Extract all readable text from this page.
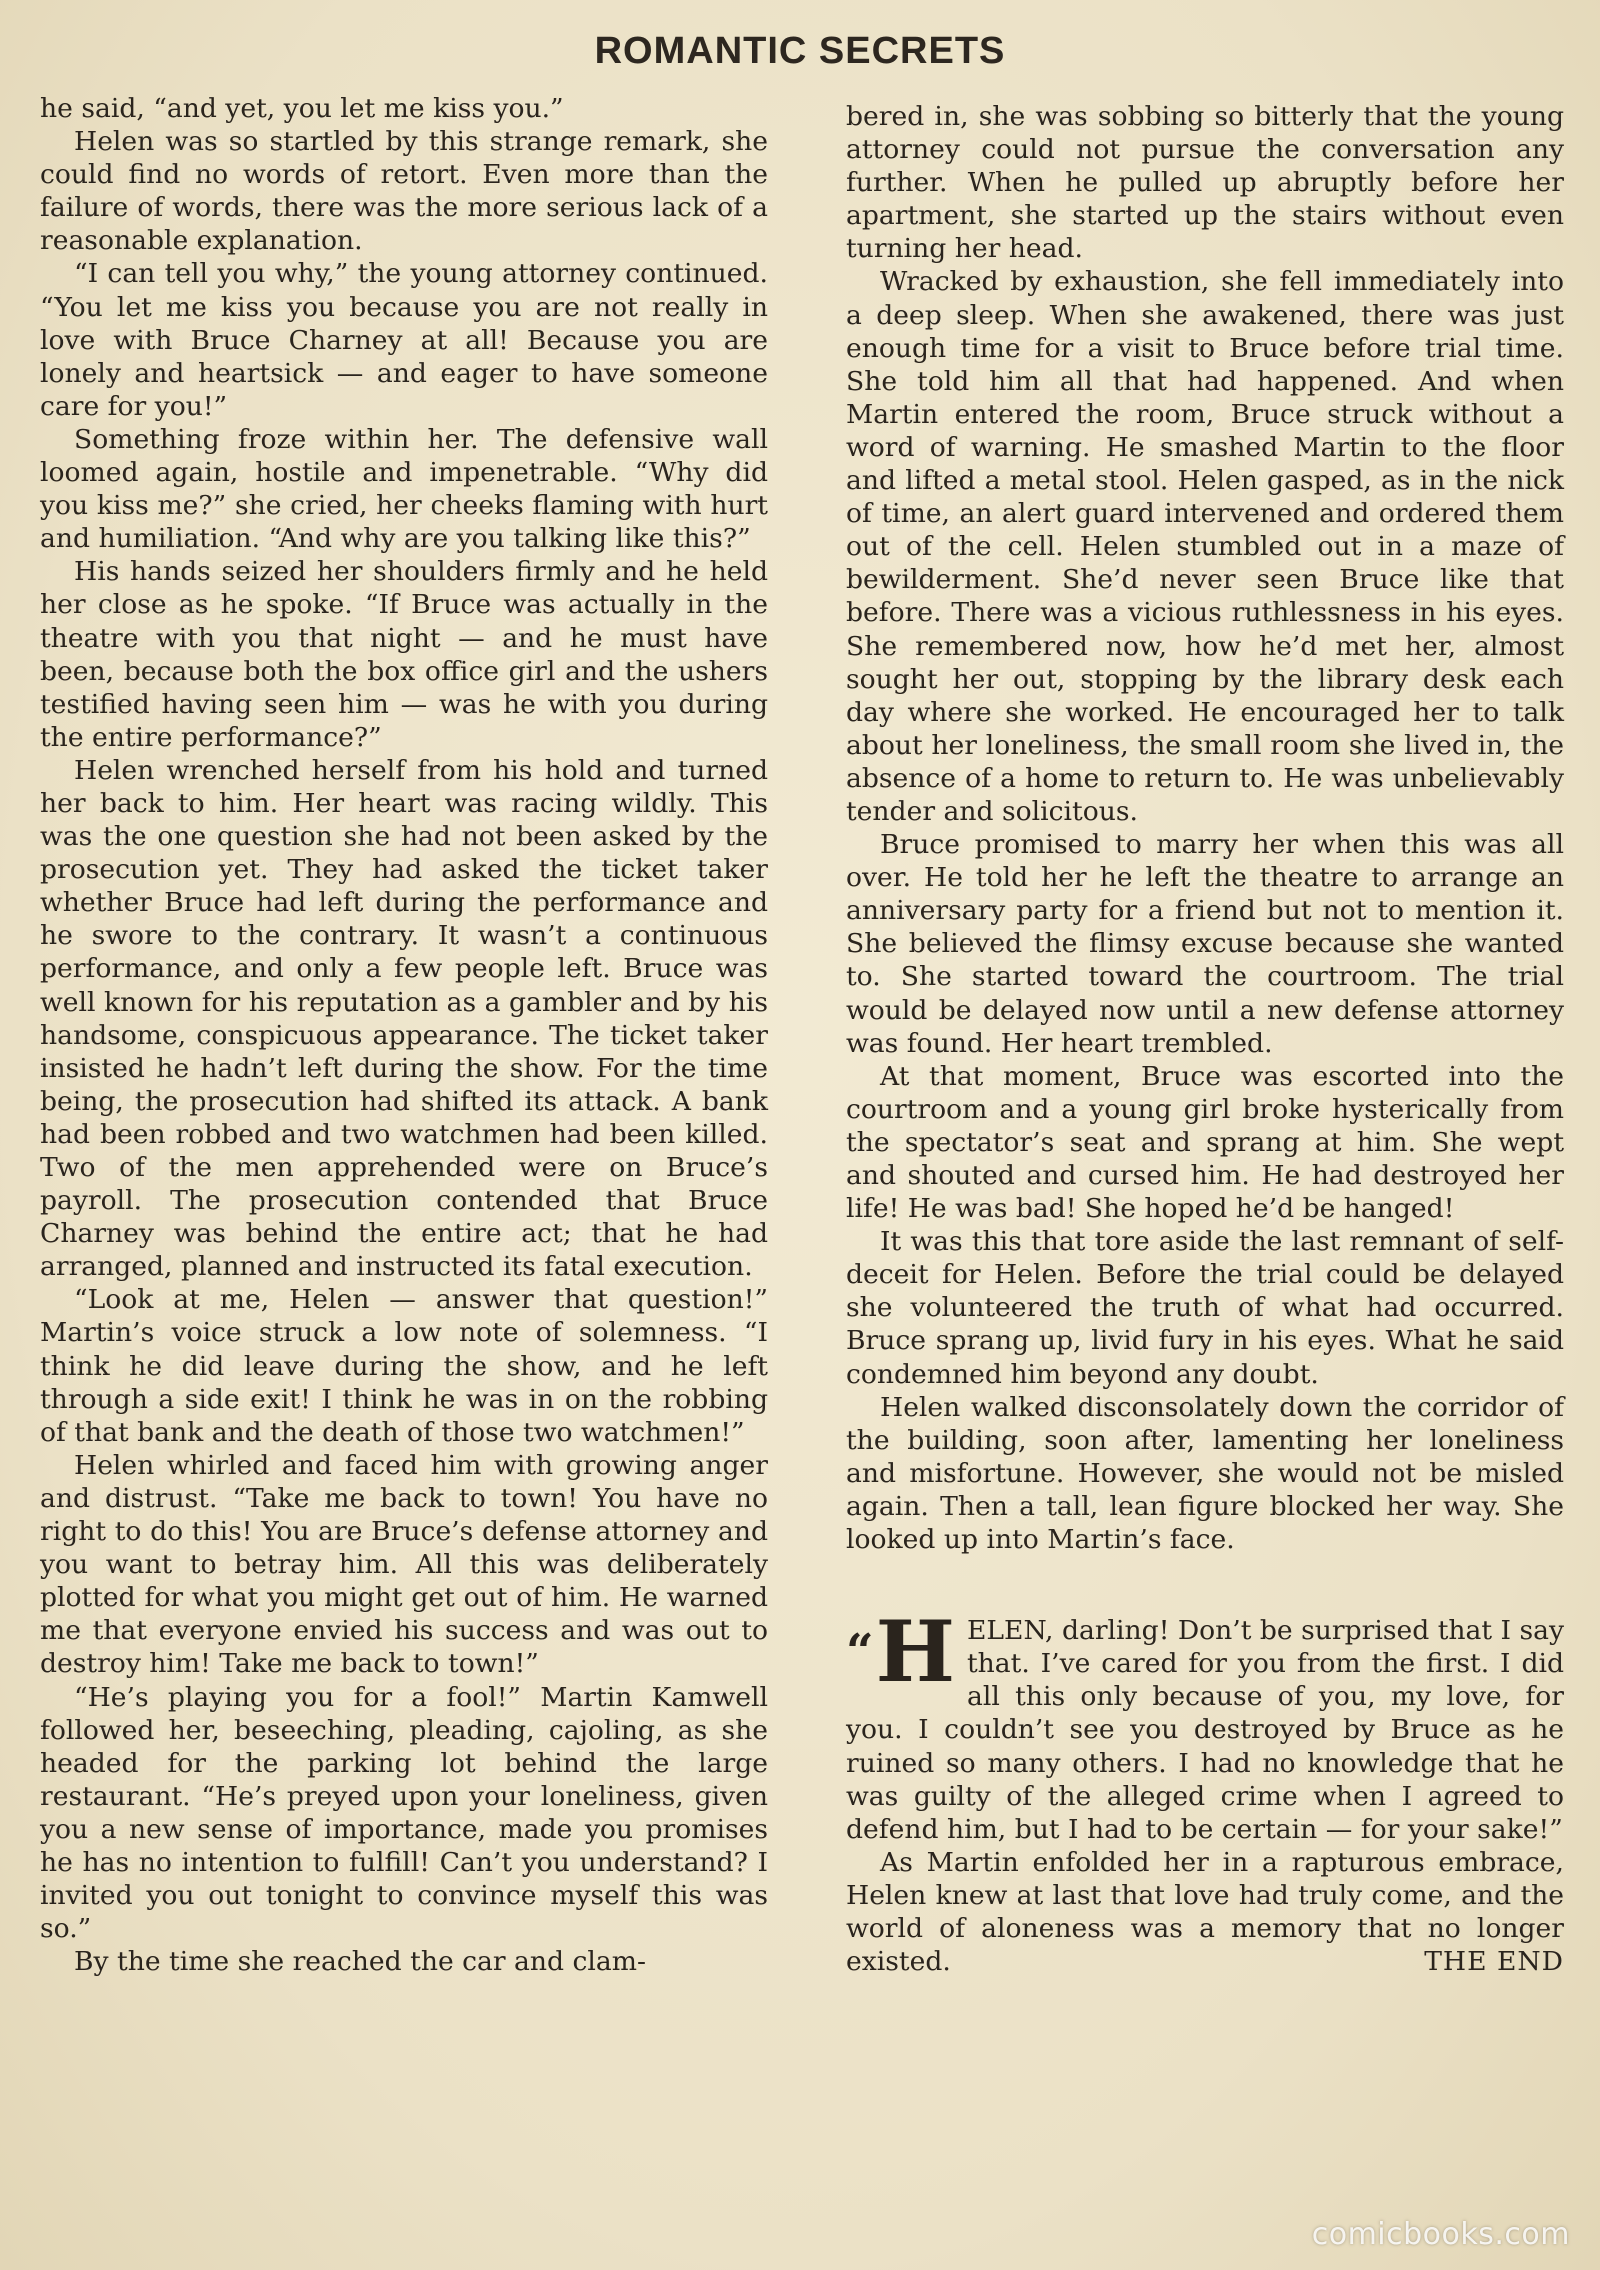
ROMANTIC SECRETS

he said, “and yet, you let me kiss you.”

Helen was so startled by this strange remark, she could find no words of retort. Even more than the failure of words, there was the more serious lack of a reasonable explanation.

“I can tell you why,” the young attorney continued. “You let me kiss you because you are not really in love with Bruce Charney at all! Because you are lonely and heartsick — and eager to have someone care for you!”

Something froze within her. The defensive wall loomed again, hostile and impenetrable. “Why did you kiss me?” she cried, her cheeks flaming with hurt and humiliation. “And why are you talking like this?”

His hands seized her shoulders firmly and he held her close as he spoke. “If Bruce was actually in the theatre with you that night — and he must have been, because both the box office girl and the ushers testified having seen him — was he with you during the entire performance?”

Helen wrenched herself from his hold and turned her back to him. Her heart was racing wildly. This was the one question she had not been asked by the prosecution yet. They had asked the ticket taker whether Bruce had left during the performance and he swore to the contrary. It wasn’t a continuous performance, and only a few people left. Bruce was well known for his reputation as a gambler and by his handsome, conspicuous appearance. The ticket taker insisted he hadn’t left during the show. For the time being, the prosecution had shifted its attack. A bank had been robbed and two watchmen had been killed. Two of the men apprehended were on Bruce’s payroll. The prosecution contended that Bruce Charney was behind the entire act; that he had arranged, planned and instructed its fatal execution.

“Look at me, Helen — answer that question!” Martin’s voice struck a low note of solemness. “I think he did leave during the show, and he left through a side exit! I think he was in on the robbing of that bank and the death of those two watchmen!”

Helen whirled and faced him with growing anger and distrust. “Take me back to town! You have no right to do this! You are Bruce’s defense attorney and you want to betray him. All this was deliberately plotted for what you might get out of him. He warned me that everyone envied his success and was out to destroy him! Take me back to town!”

“He’s playing you for a fool!” Martin Kamwell followed her, beseeching, pleading, cajoling, as she headed for the parking lot behind the large restaurant. “He’s preyed upon your loneliness, given you a new sense of importance, made you promises he has no intention to fulfill! Can’t you understand? I invited you out tonight to convince myself this was so.”

By the time she reached the car and clam-

bered in, she was sobbing so bitterly that the young attorney could not pursue the conversation any further. When he pulled up abruptly before her apartment, she started up the stairs without even turning her head.

Wracked by exhaustion, she fell immediately into a deep sleep. When she awakened, there was just enough time for a visit to Bruce before trial time. She told him all that had happened. And when Martin entered the room, Bruce struck without a word of warning. He smashed Martin to the floor and lifted a metal stool. Helen gasped, as in the nick of time, an alert guard intervened and ordered them out of the cell. Helen stumbled out in a maze of bewilderment. She’d never seen Bruce like that before. There was a vicious ruthlessness in his eyes. She remembered now, how he’d met her, almost sought her out, stopping by the library desk each day where she worked. He encouraged her to talk about her loneliness, the small room she lived in, the absence of a home to return to. He was unbelievably tender and solicitous.

Bruce promised to marry her when this was all over. He told her he left the theatre to arrange an anniversary party for a friend but not to mention it. She believed the flimsy excuse because she wanted to. She started toward the courtroom. The trial would be delayed now until a new defense attorney was found. Her heart trembled.

At that moment, Bruce was escorted into the courtroom and a young girl broke hysterically from the spectator’s seat and sprang at him. She wept and shouted and cursed him. He had destroyed her life! He was bad! She hoped he’d be hanged!

It was this that tore aside the last remnant of self-deceit for Helen. Before the trial could be delayed she volunteered the truth of what had occurred. Bruce sprang up, livid fury in his eyes. What he said condemned him beyond any doubt.

Helen walked disconsolately down the corridor of the building, soon after, lamenting her loneliness and misfortune. However, she would not be misled again. Then a tall, lean figure blocked her way. She looked up into Martin’s face.

“H ELEN, darling! Don’t be surprised that I say that. I’ve cared for you from the first. I did all this only because of you, my love, for you. I couldn’t see you destroyed by Bruce as he ruined so many others. I had no knowledge that he was guilty of the alleged crime when I agreed to defend him, but I had to be certain — for your sake!”

As Martin enfolded her in a rapturous embrace, Helen knew at last that love had truly come, and the world of aloneness was a memory that no longer existed.	THE END

comicbooks.com
